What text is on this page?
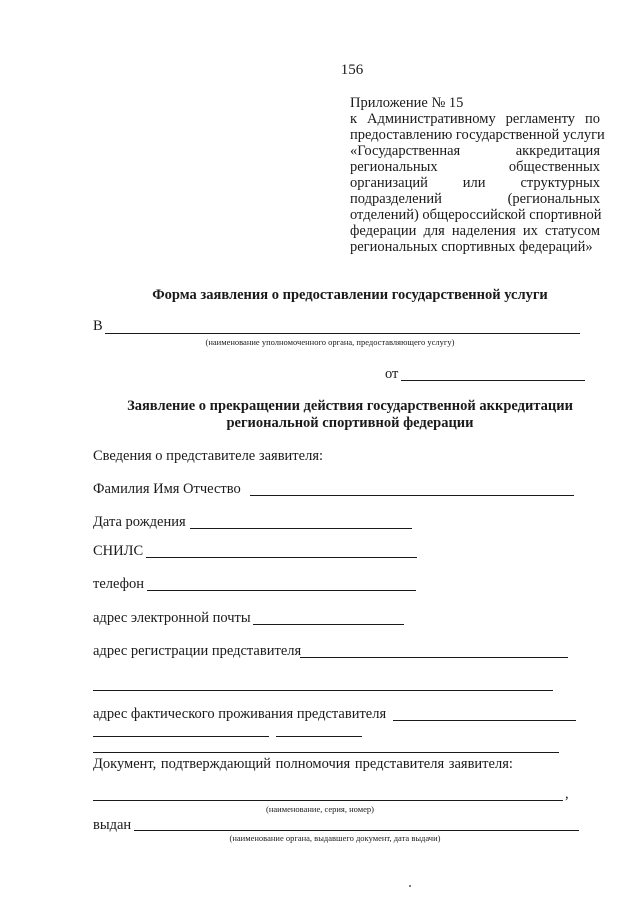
156
Приложение № 15
к Административному регламенту по
предоставлению государственной услуги
«Государственная аккредитация
региональных общественных
организаций или структурных
подразделений (региональных
отделений) общероссийской спортивной
федерации для наделения их статусом
региональных спортивных федераций»
Форма заявления о предоставлении государственной услуги
В
(наименование уполномоченного органа, предоставляющего услугу)
от
Заявление о прекращении действия государственной аккредитации
региональной спортивной федерации
Сведения о представителе заявителя:
Фамилия Имя Отчество
Дата рождения
СНИЛС
телефон
адрес электронной почты
адрес регистрации представителя
адрес фактического проживания представителя
Документ, подтверждающий полномочия представителя заявителя:
,
(наименование, серия, номер)
выдан
(наименование органа, выдавшего документ, дата выдачи)
